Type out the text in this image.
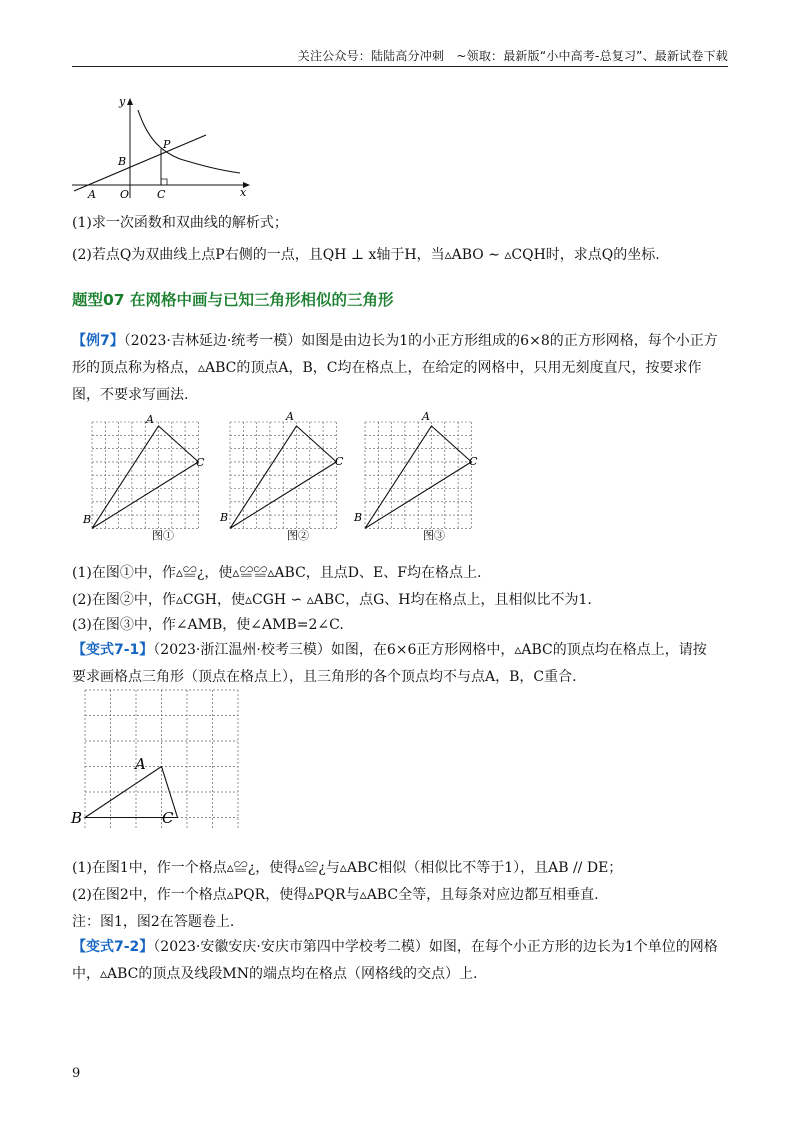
关注公众号：陆陆高分冲刺　~领取：最新版“小中高考-总复习”、最新试卷下载
y
x
P
B
A O	C
(1)求一次函数和双曲线的解析式；
(2)若点Q为双曲线上点P右侧的一点，且QH ⊥ x轴于H，当▵ABO ∼ ▵CQH时，求点Q的坐标.
题型07 在网格中画与已知三角形相似的三角形
【例7】（2023·吉林延边·统考一模）如图是由边长为1的小正方形组成的6×8的正方形网格，每个小正方
形的顶点称为格点，▵ABC的顶点A，B，C均在格点上，在给定的网格中，只用无刻度直尺，按要求作
图，不要求写画法.
图①	图②	图③
A
C
B
A
C
B
A
C
B
(1)在图①中，作▵≌¿，使▵≌≌▵ABC，且点D、E、F均在格点上.
(2)在图②中，作▵CGH，使▵CGH ∽ ▵ABC，点G、H均在格点上，且相似比不为1.
(3)在图③中，作∠AMB，使∠AMB=2∠C.
【变式7-1】（2023·浙江温州·校考三模）如图，在6×6正方形网格中，▵ABC的顶点均在格点上，请按
要求画格点三角形（顶点在格点上），且三角形的各个顶点均不与点A，B，C重合.
A
B	C
(1)在图1中，作一个格点▵≌¿，使得▵≌¿与▵ABC相似（相似比不等于1），且AB // DE；
(2)在图2中，作一个格点▵PQR，使得▵PQR与▵ABC全等，且每条对应边都互相垂直.
注：图1，图2在答题卷上.
【变式7-2】（2023·安徽安庆·安庆市第四中学校考二模）如图，在每个小正方形的边长为1个单位的网格
中，▵ABC的顶点及线段MN的端点均在格点（网格线的交点）上.
9
